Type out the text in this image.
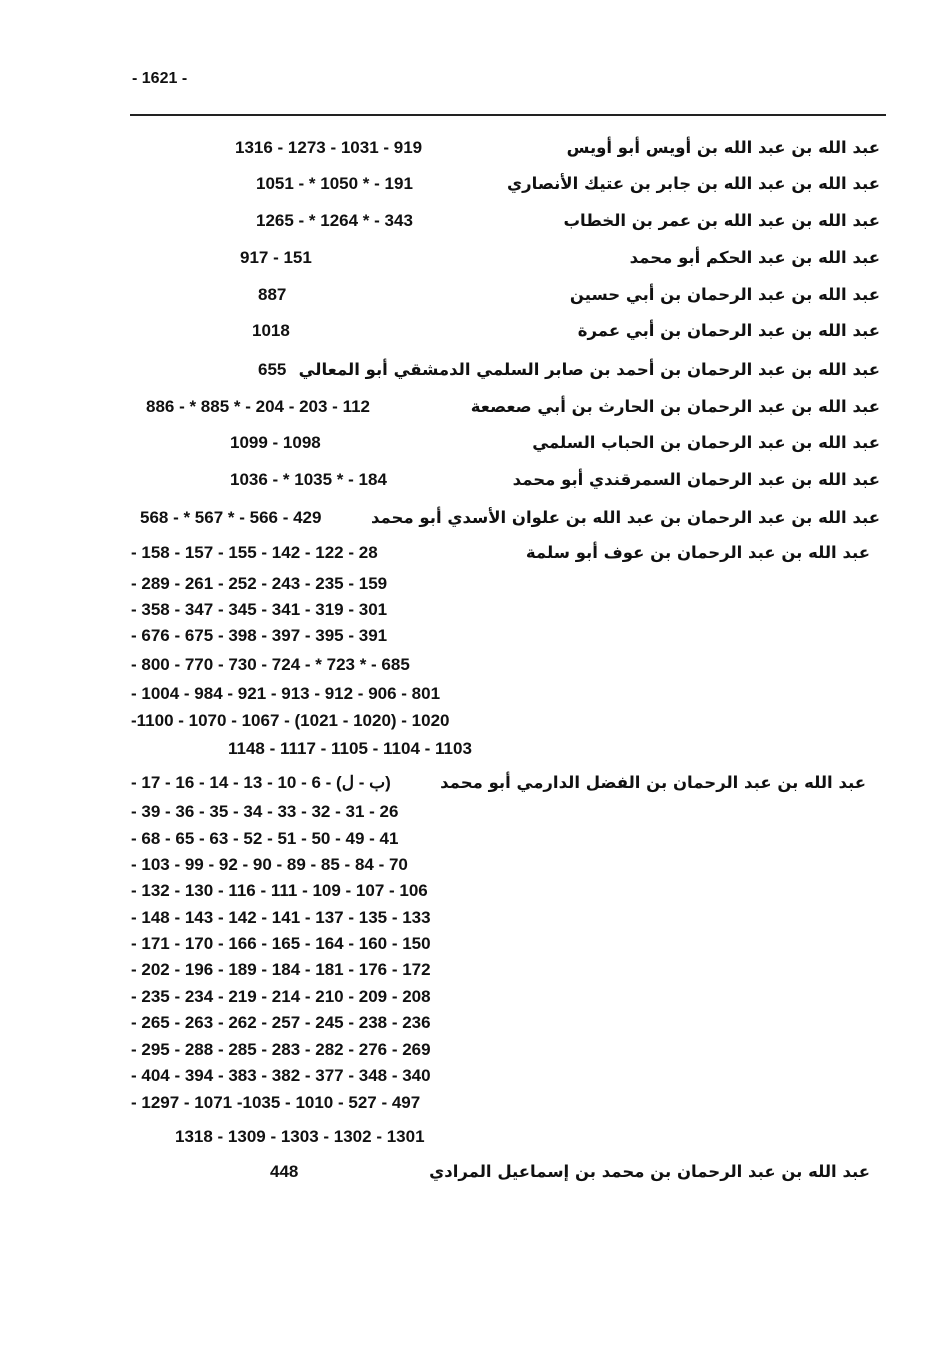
- 1621 -
عبد الله بن عبد الله بن أويس أبو أويس
1316 - 1273 - 1031 - 919
عبد الله بن عبد الله بن جابر بن عتيك الأنصاري
1051 - * 1050 * - 191
عبد الله بن عبد الله بن عمر بن الخطاب
1265 - * 1264 * - 343
عبد الله بن عبد الحكم أبو محمد
917 - 151
عبد الله بن عبد الرحمان بن أبي حسين
887
عبد الله بن عبد الرحمان بن أبي عمرة
1018
عبد الله بن عبد الرحمان بن أحمد بن صابر السلمي الدمشقي أبو المعالي
655
عبد الله بن عبد الرحمان بن الحارث بن أبي صعصعة
886 - * 885 * - 204 - 203 - 112
عبد الله بن عبد الرحمان بن الحباب السلمي
1099 - 1098
عبد الله بن عبد الرحمان السمرقندي أبو محمد
1036 - * 1035 * - 184
عبد الله بن عبد الرحمان بن عبد الله بن علوان الأسدي أبو محمد
568 - * 567 * - 566 - 429
عبد الله بن عبد الرحمان بن عوف أبو سلمة
- 158 - 157 - 155 - 142 - 122 - 28
- 289 - 261 - 252 - 243 - 235 - 159
- 358 - 347 - 345 - 341 - 319 - 301
- 676 - 675 - 398 - 397 - 395 - 391
- 800 - 770 - 730 - 724 - * 723 * - 685
- 1004 - 984 - 921 - 913 - 912 - 906 - 801
-1100 - 1070 - 1067 - (1021 - 1020) - 1020
1148 - 1117 - 1105 - 1104 - 1103
عبد الله بن عبد الرحمان بن الفضل الدارمي أبو محمد
- 17 - 16 - 14 - 13 - 10 - 6 - (ب - ل)
- 39 - 36 - 35 - 34 - 33 - 32 - 31 - 26
- 68 - 65 - 63 - 52 - 51 - 50 - 49 - 41
- 103 - 99 - 92 - 90 - 89 - 85 - 84 - 70
- 132 - 130 - 116 - 111 - 109 - 107 - 106
- 148 - 143 - 142 - 141 - 137 - 135 - 133
- 171 - 170 - 166 - 165 - 164 - 160 - 150
- 202 - 196 - 189 - 184 - 181 - 176 - 172
- 235 - 234 - 219 - 214 - 210 - 209 - 208
- 265 - 263 - 262 - 257 - 245 - 238 - 236
- 295 - 288 - 285 - 283 - 282 - 276 - 269
- 404 - 394 - 383 - 382 - 377 - 348 - 340
- 1297 - 1071 -1035 - 1010 - 527 - 497
1318 - 1309 - 1303 - 1302 - 1301
عبد الله بن عبد الرحمان بن محمد بن إسماعيل المرادي
448
